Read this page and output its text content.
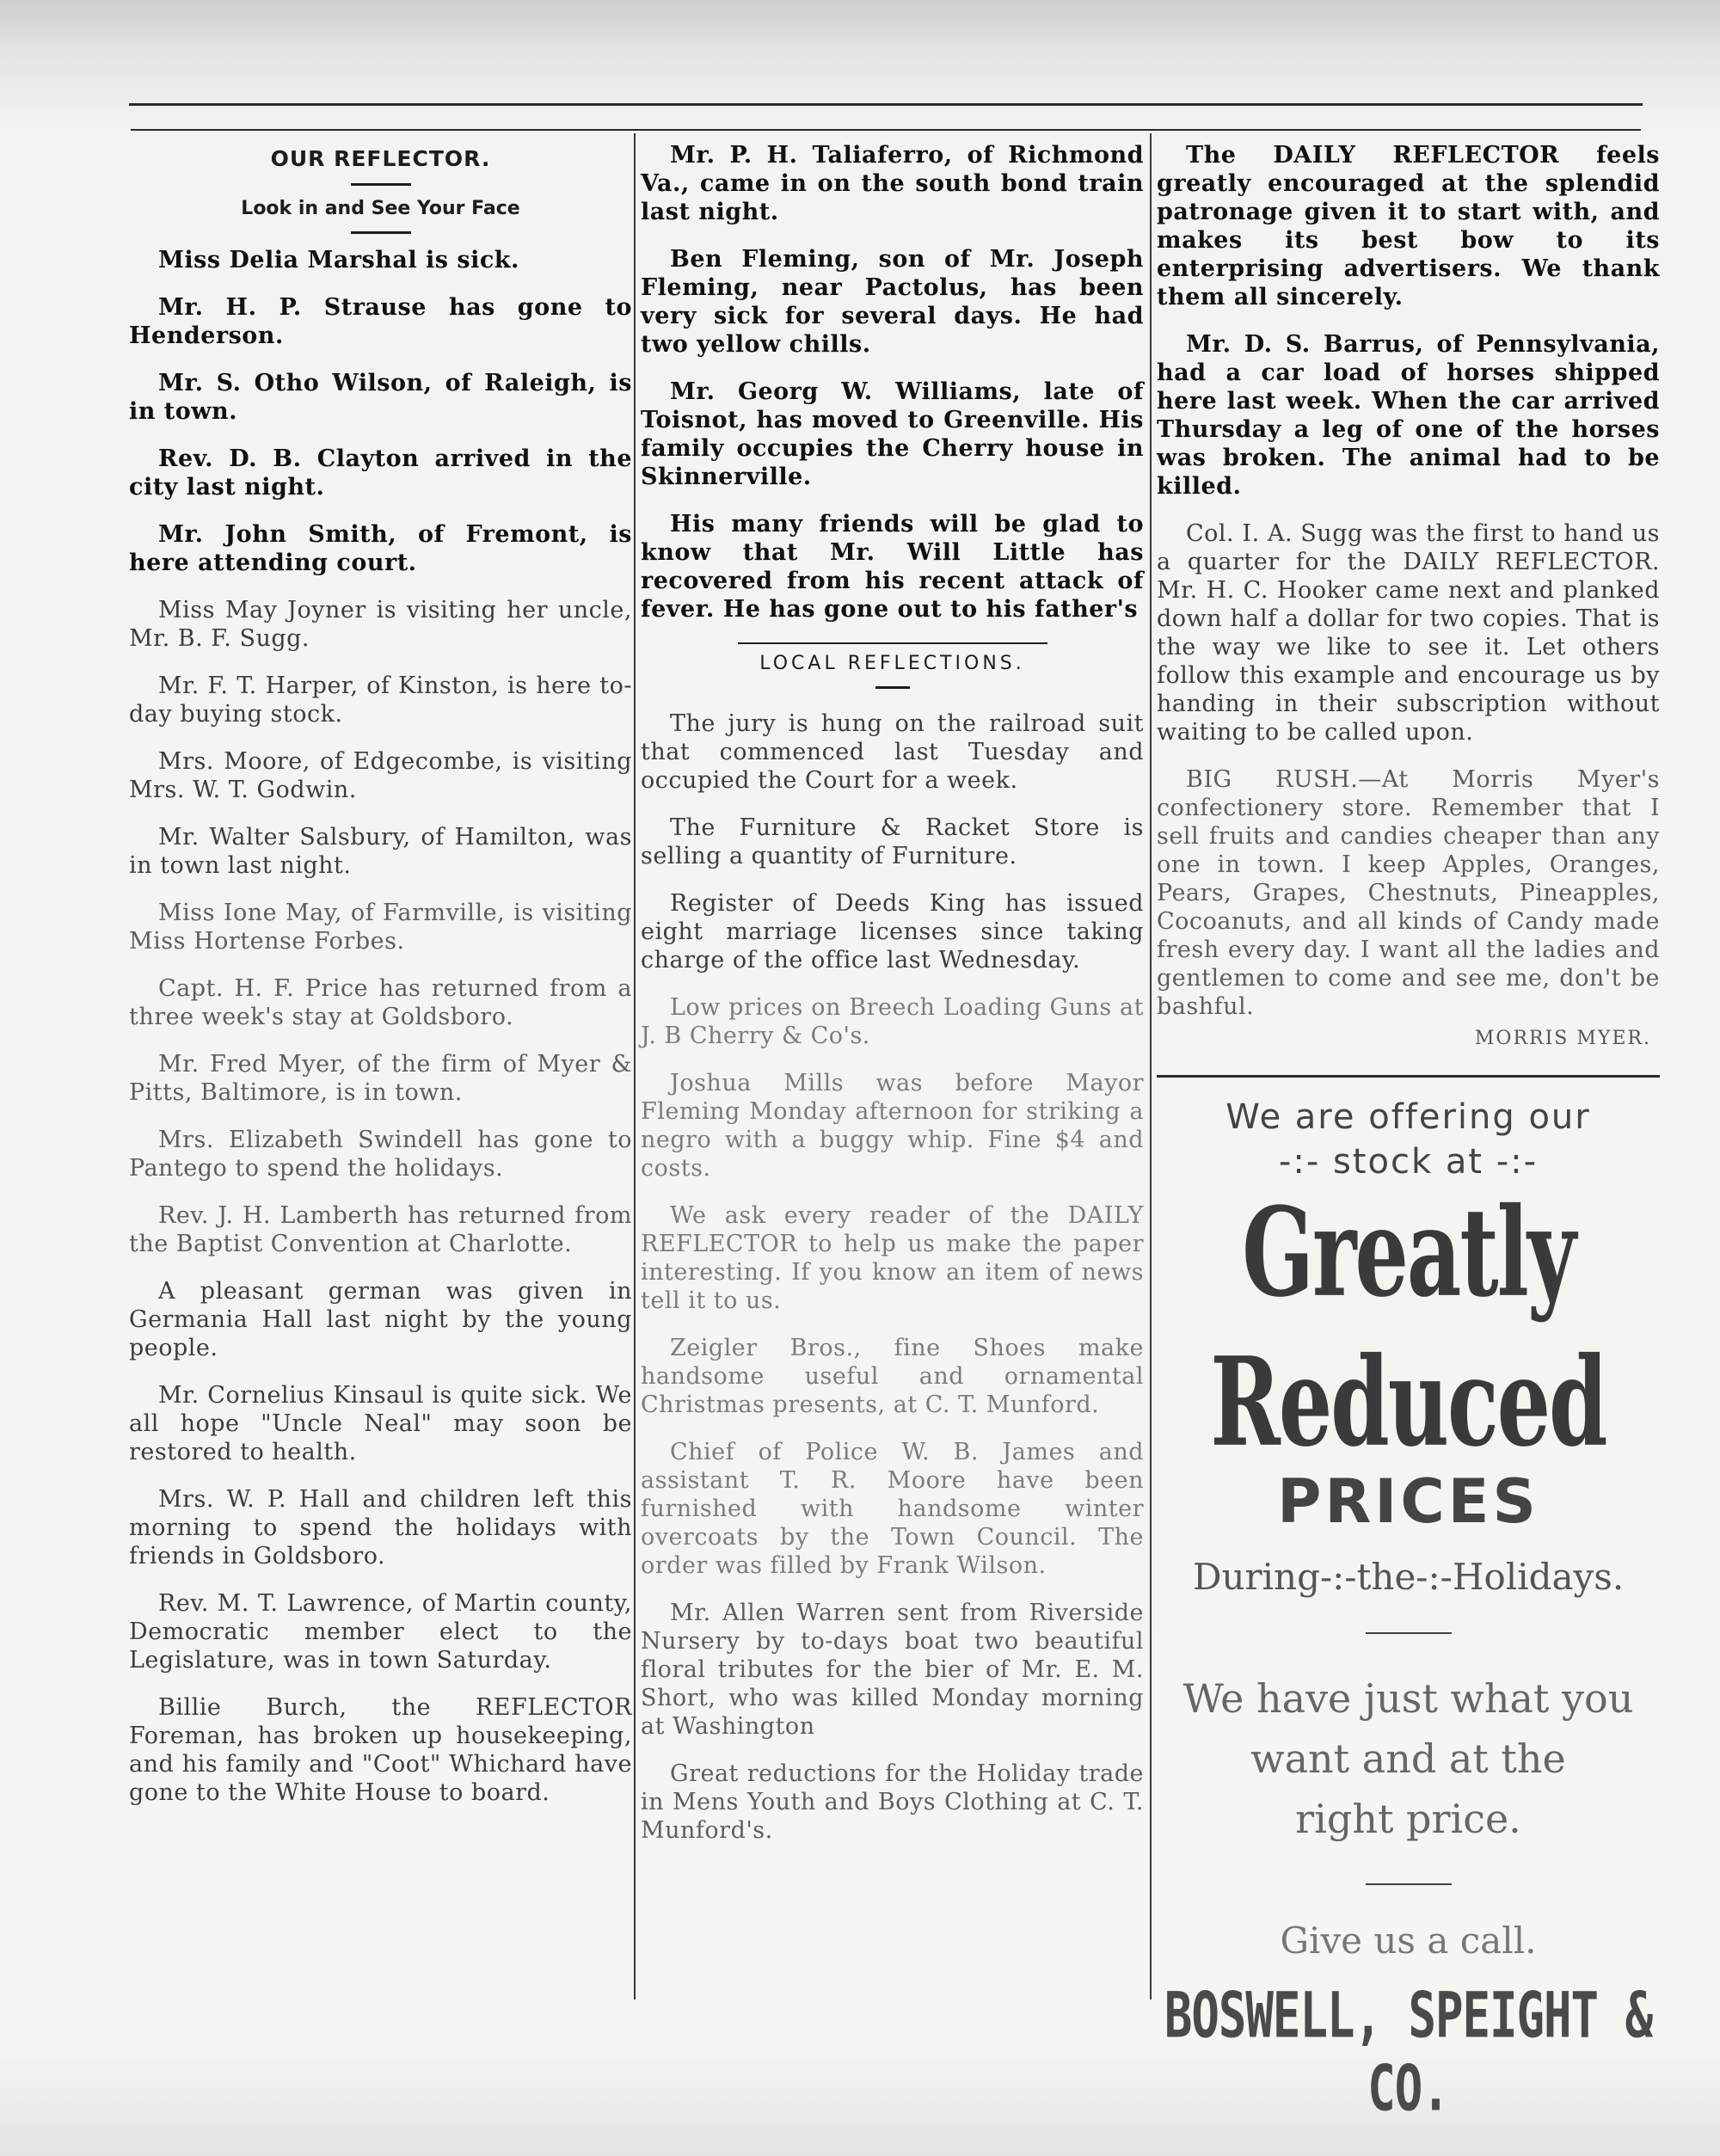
OUR REFLECTOR.
Look in and See Your Face

Miss Delia Marshal is sick.

Mr. H. P. Strause has gone to Henderson.

Mr. S. Otho Wilson, of Raleigh, is in town.

Rev. D. B. Clayton arrived in the city last night.

Mr. John Smith, of Fremont, is here attending court.

Miss May Joyner is visiting her uncle, Mr. B. F. Sugg.

Mr. F. T. Harper, of Kinston, is here to-day buying stock.

Mrs. Moore, of Edgecombe, is visiting Mrs. W. T. Godwin.

Mr. Walter Salsbury, of Hamilton, was in town last night.

Miss Ione May, of Farmville, is visiting Miss Hortense Forbes.

Capt. H. F. Price has returned from a three week's stay at Goldsboro.

Mr. Fred Myer, of the firm of Myer & Pitts, Baltimore, is in town.

Mrs. Elizabeth Swindell has gone to Pantego to spend the holidays.

Rev. J. H. Lamberth has returned from the Baptist Convention at Charlotte.

A pleasant german was given in Germania Hall last night by the young people.

Mr. Cornelius Kinsaul is quite sick. We all hope "Uncle Neal" may soon be restored to health.

Mrs. W. P. Hall and children left this morning to spend the holidays with friends in Goldsboro.

Rev. M. T. Lawrence, of Martin county, Democratic member elect to the Legislature, was in town Saturday.

Billie Burch, the REFLECTOR Foreman, has broken up housekeeping, and his family and "Coot" Whichard have gone to the White House to board.

Mr. P. H. Taliaferro, of Richmond Va., came in on the south bond train last night.

Ben Fleming, son of Mr. Joseph Fleming, near Pactolus, has been very sick for several days. He had two yellow chills.

Mr. Georg W. Williams, late of Toisnot, has moved to Greenville. His family occupies the Cherry house in Skinnerville.

His many friends will be glad to know that Mr. Will Little has recovered from his recent attack of fever. He has gone out to his father's

LOCAL REFLECTIONS.

The jury is hung on the railroad suit that commenced last Tuesday and occupied the Court for a week.

The Furniture & Racket Store is selling a quantity of Furniture.

Register of Deeds King has issued eight marriage licenses since taking charge of the office last Wednesday.

Low prices on Breech Loading Guns at J. B Cherry & Co's.

Joshua Mills was before Mayor Fleming Monday afternoon for striking a negro with a buggy whip. Fine $4 and costs.

We ask every reader of the DAILY REFLECTOR to help us make the paper interesting. If you know an item of news tell it to us.

Zeigler Bros., fine Shoes make handsome useful and ornamental Christmas presents, at C. T. Munford.

Chief of Police W. B. James and assistant T. R. Moore have been furnished with handsome winter overcoats by the Town Council. The order was filled by Frank Wilson.

Mr. Allen Warren sent from Riverside Nursery by to-days boat two beautiful floral tributes for the bier of Mr. E. M. Short, who was killed Monday morning at Washington

Great reductions for the Holiday trade in Mens Youth and Boys Clothing at C. T. Munford's.

The DAILY REFLECTOR feels greatly encouraged at the splendid patronage given it to start with, and makes its best bow to its enterprising advertisers. We thank them all sincerely.

Mr. D. S. Barrus, of Pennsylvania, had a car load of horses shipped here last week. When the car arrived Thursday a leg of one of the horses was broken. The animal had to be killed.

Col. I. A. Sugg was the first to hand us a quarter for the DAILY REFLECTOR. Mr. H. C. Hooker came next and planked down half a dollar for two copies. That is the way we like to see it. Let others follow this example and encourage us by handing in their subscription without waiting to be called upon.

BIG RUSH.—At Morris Myer's confectionery store. Remember that I sell fruits and candies cheaper than any one in town. I keep Apples, Oranges, Pears, Grapes, Chestnuts, Pineapples, Cocoanuts, and all kinds of Candy made fresh every day. I want all the ladies and gentlemen to come and see me, don't be bashful.

MORRIS MYER.
We are offering our
-:- stock at -:-
Greatly Reduced
PRICES
During-:-the-:-Holidays.
We have just what you
want and at the
right price.
Give us a call.
BOSWELL, SPEIGHT & CO.
